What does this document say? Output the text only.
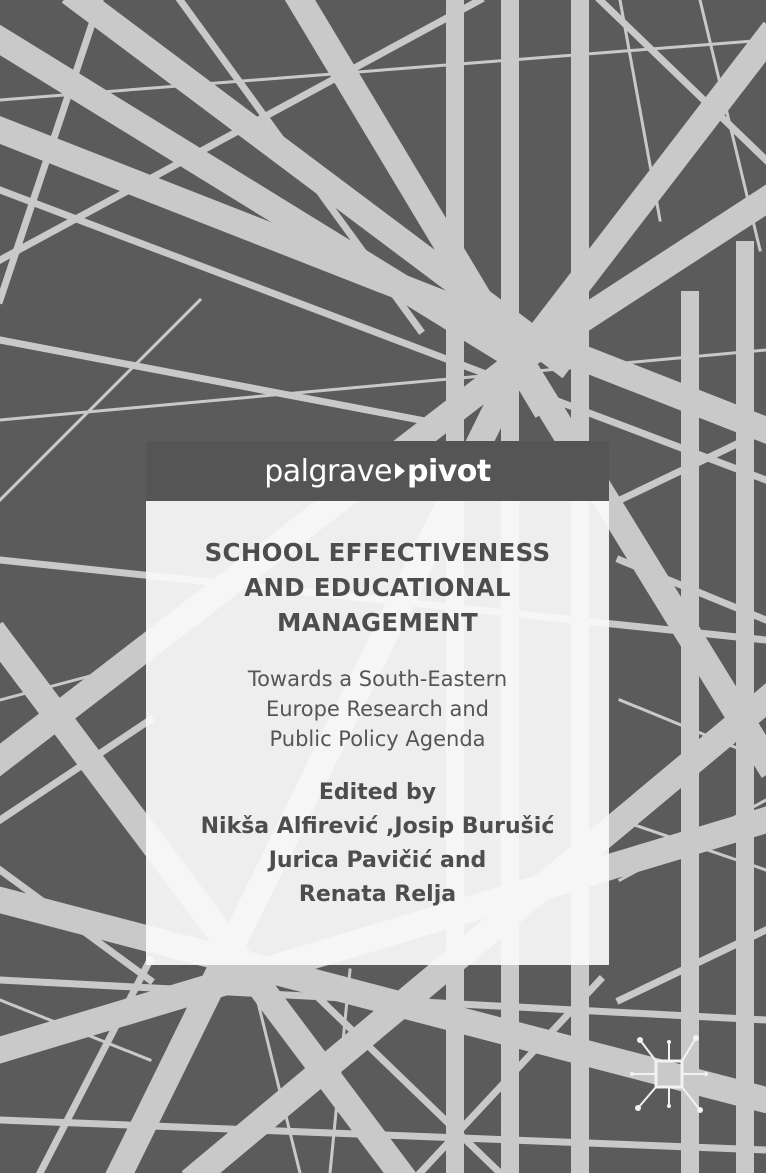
palgrave pivot
SCHOOL EFFECTIVENESS
AND EDUCATIONAL
MANAGEMENT
Towards a South-Eastern
Europe Research and
Public Policy Agenda
Edited by
Nikša Alfirević ,Josip Burušić
Jurica Pavičić and
Renata Relja
